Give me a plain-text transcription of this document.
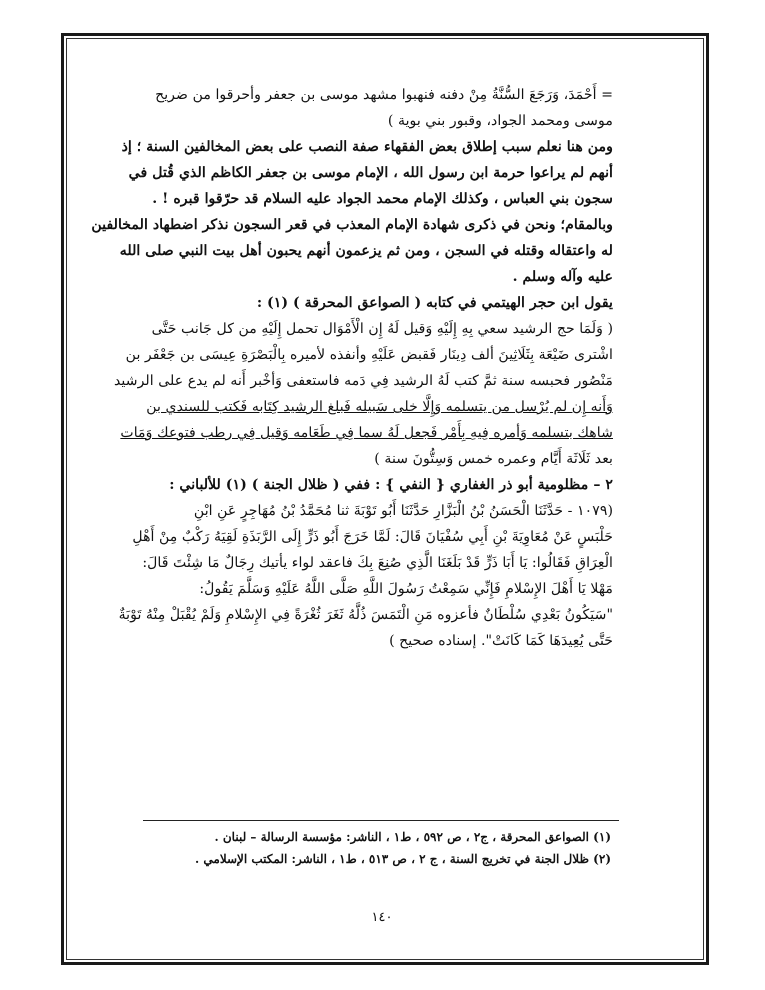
= أَحْمَدَ، وَرَجَعَ السُّنَّةُ مِنْ دفنه فنهبوا مشهد موسى بن جعفر وأحرقوا من ضريح
موسى ومحمد الجواد، وقبور بني بوية )
ومن هنا نعلم سبب إطلاق بعض الفقهاء صفة النصب على بعض المخالفين السنة ؛ إذ
أنهم لم يراعوا حرمة ابن رسول الله ، الإمام موسى بن جعفر الكاظم الذي قُتل في
سجون بني العباس ، وكذلك الإمام محمد الجواد عليه السلام قد حرّقوا قبره ! .
وبالمقام؛ ونحن في ذكرى شهادة الإمام المعذب في قعر السجون نذكر اضطهاد المخالفين
له واعتقاله وقتله في السجن ، ومن ثم يزعمون أنهم يحبون أهل بيت النبي صلى الله
عليه وآله وسلم .
يقول ابن حجر الهيتمي في كتابه ( الصواعق المحرقة ) (١) :
( وَلَمَا حج الرشيد سعي بِهِ إِلَيْهِ وَقيل لَهُ إِن الْأَمْوَال تحمل إِلَيْهِ من كل جَانب حَتَّى
اشْترى ضَيْعَة بِثَلَاثِينَ ألف دِينَار فَقبض عَلَيْهِ وأنفذه لأميره بِالْبَصْرَةِ عِيسَى بن جَعْفَر بن
مَنْصُور فحبسه سنة ثمَّ كتب لَهُ الرشيد فِي دَمه فاستعفى وَأخْبر أَنه لم يدع على الرشيد
وَأَنه إِن لم يُرْسل من يتسلمه وَإِلَّا خلى سَبيله فَبلغ الرشيد كِتَابه فَكتب للسندي بن
شاهك بتسلمه وَأمره فِيهِ بِأَمْر فَجعل لَهُ سما فِي طَعَامه وَقيل فِي رطب فتوعك وَمَات
بعد ثَلَاثَة أَيَّام وعمره خمس وَسِتُّونَ سنة )
٢ – مظلومية أبو ذر الغفاري { النفي } : ففي ( ظلال الجنة ) (١) للألباني :
(١٠٧٩ - حَدَّثَنَا الْحَسَنُ بْنُ الْبَزَّارِ حَدَّثَنَا أَبُو تَوْبَةَ ثنا مُحَمَّدُ بْنُ مُهَاجِرٍ عَنِ ابْنِ
حَلْبَسٍ عَنْ مُعَاوِيَةَ بْنِ أَبِي سُفْيَانَ قَالَ: لَمَّا خَرَجَ أَبُو ذَرٍّ إِلَى الرَّبَذَةِ لَقِيَهُ رَكْبٌ مِنْ أَهْلِ
الْعِرَاقِ فَقَالُوا: يَا أَبَا ذَرٍّ قَدْ بَلَغَنَا الَّذِي صُنِعَ بِكَ فاعقد لواء يأتيك رِجَالٌ مَا شِئْتَ قَالَ:
مَهْلا يَا أَهْلَ الإِسْلامِ فَإِنِّي سَمِعْتُ رَسُولَ اللَّهِ صَلَّى اللَّهُ عَلَيْهِ وَسَلَّمَ يَقُولُ:
"سَيَكُونُ بَعْدِي سُلْطَانٌ فأعزوه مَنِ الْتَمَسَ ذُلَّهُ ثَغَرَ ثُغْرَةً فِي الإِسْلامِ وَلَمْ يُقْبَلْ مِنْهُ تَوْبَةٌ
حَتَّى يُعِيدَهَا كَمَا كَانَتْ". إسناده صحيح )
(١) الصواعق المحرقة ، ج٢ ، ص ٥٩٢ ، ط١ ، الناشر: مؤسسة الرسالة – لبنان .
(٢) ظلال الجنة في تخريج السنة ، ج ٢ ، ص ٥١٣ ، ط١ ، الناشر: المكتب الإسلامي .
١٤٠
